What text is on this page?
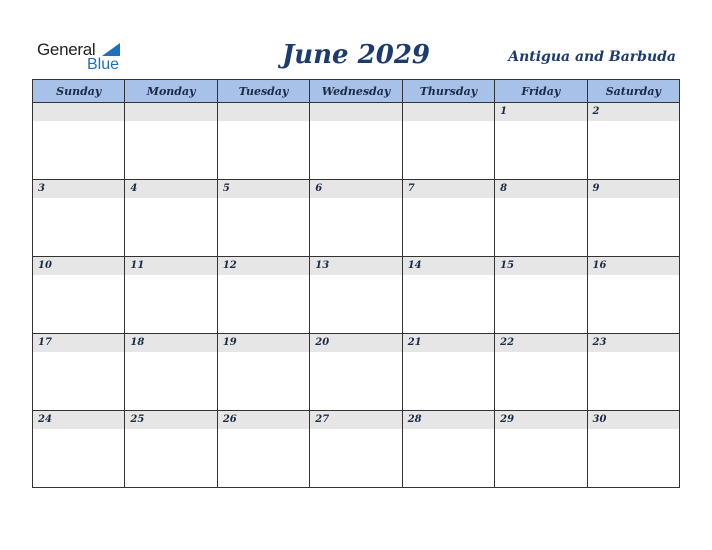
General
Blue	June 2029	Antigua and Barbuda
Sunday	Monday	Tuesday	Wednesday	Thursday	Friday	Saturday

					1	2

3	4	5	6	7	8	9

10	11	12	13	14	15	16

17	18	19	20	21	22	23

24	25	26	27	28	29	30
